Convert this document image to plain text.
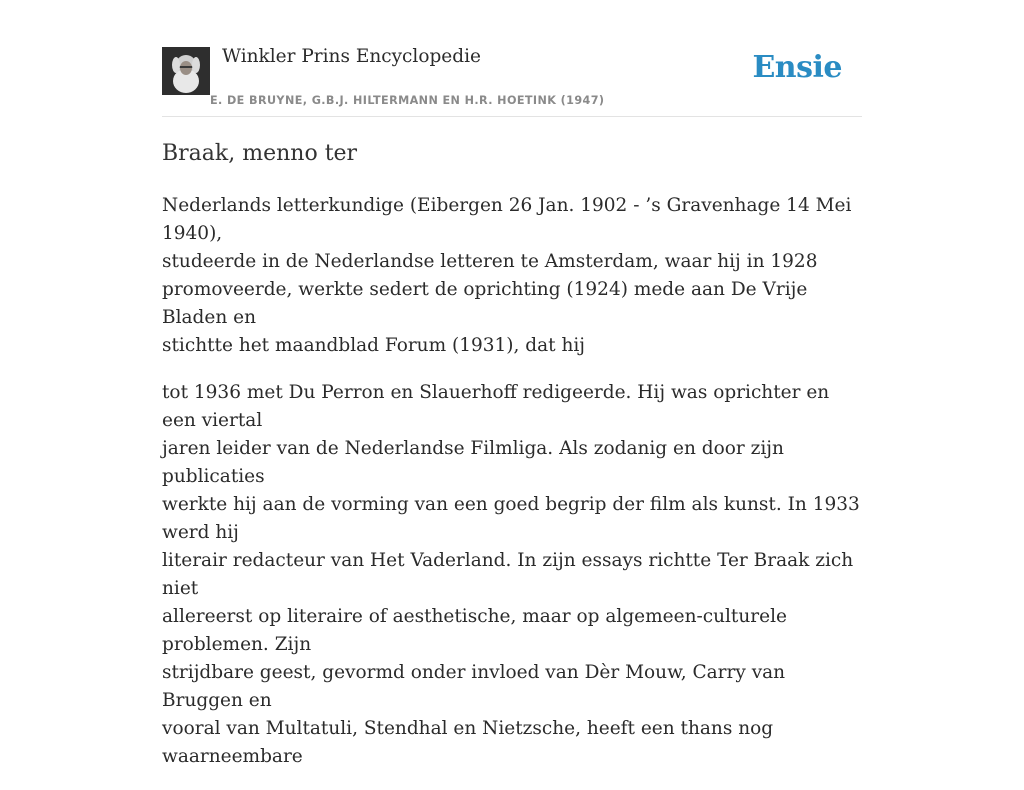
Winkler Prins Encyclopedie
E. DE BRUYNE, G.B.J. HILTERMANN EN H.R. HOETINK (1947)
Ensie
Braak, menno ter

Nederlands letterkundige (Eibergen 26 Jan. 1902 - ’s Gravenhage 14 Mei 1940),
studeerde in de Nederlandse letteren te Amsterdam, waar hij in 1928
promoveerde, werkte sedert de oprichting (1924) mede aan De Vrije Bladen en
stichtte het maandblad Forum (1931), dat hij

tot 1936 met Du Perron en Slauerhoff redigeerde. Hij was oprichter en een viertal
jaren leider van de Nederlandse Filmliga. Als zodanig en door zijn publicaties
werkte hij aan de vorming van een goed begrip der film als kunst. In 1933 werd hij
literair redacteur van Het Vaderland. In zijn essays richtte Ter Braak zich niet
allereerst op literaire of aesthetische, maar op algemeen-culturele problemen. Zijn
strijdbare geest, gevormd onder invloed van Dèr Mouw, Carry van Bruggen en
vooral van Multatuli, Stendhal en Nietzsche, heeft een thans nog waarneembare
